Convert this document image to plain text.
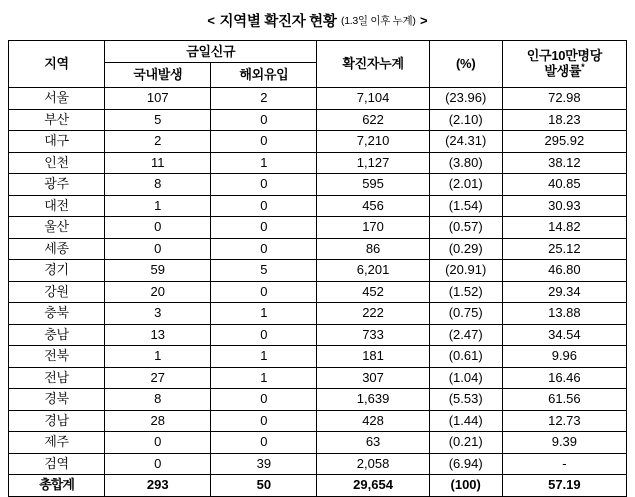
< 지역별 확진자 현황 (1.3일 이후 누계) >
지역	금일신규		확진자누계	(%)	인구10만명당
발생률*
	국내발생	해외유입			
서울	107	2	7,104	(23.96)	72.98
부산	5	0	622	(2.10)	18.23
대구	2	0	7,210	(24.31)	295.92
인천	11	1	1,127	(3.80)	38.12
광주	8	0	595	(2.01)	40.85
대전	1	0	456	(1.54)	30.93
울산	0	0	170	(0.57)	14.82
세종	0	0	86	(0.29)	25.12
경기	59	5	6,201	(20.91)	46.80
강원	20	0	452	(1.52)	29.34
충북	3	1	222	(0.75)	13.88
충남	13	0	733	(2.47)	34.54
전북	1	1	181	(0.61)	9.96
전남	27	1	307	(1.04)	16.46
경북	8	0	1,639	(5.53)	61.56
경남	28	0	428	(1.44)	12.73
제주	0	0	63	(0.21)	9.39
검역	0	39	2,058	(6.94)	-
총합계	293	50	29,654	(100)	57.19
